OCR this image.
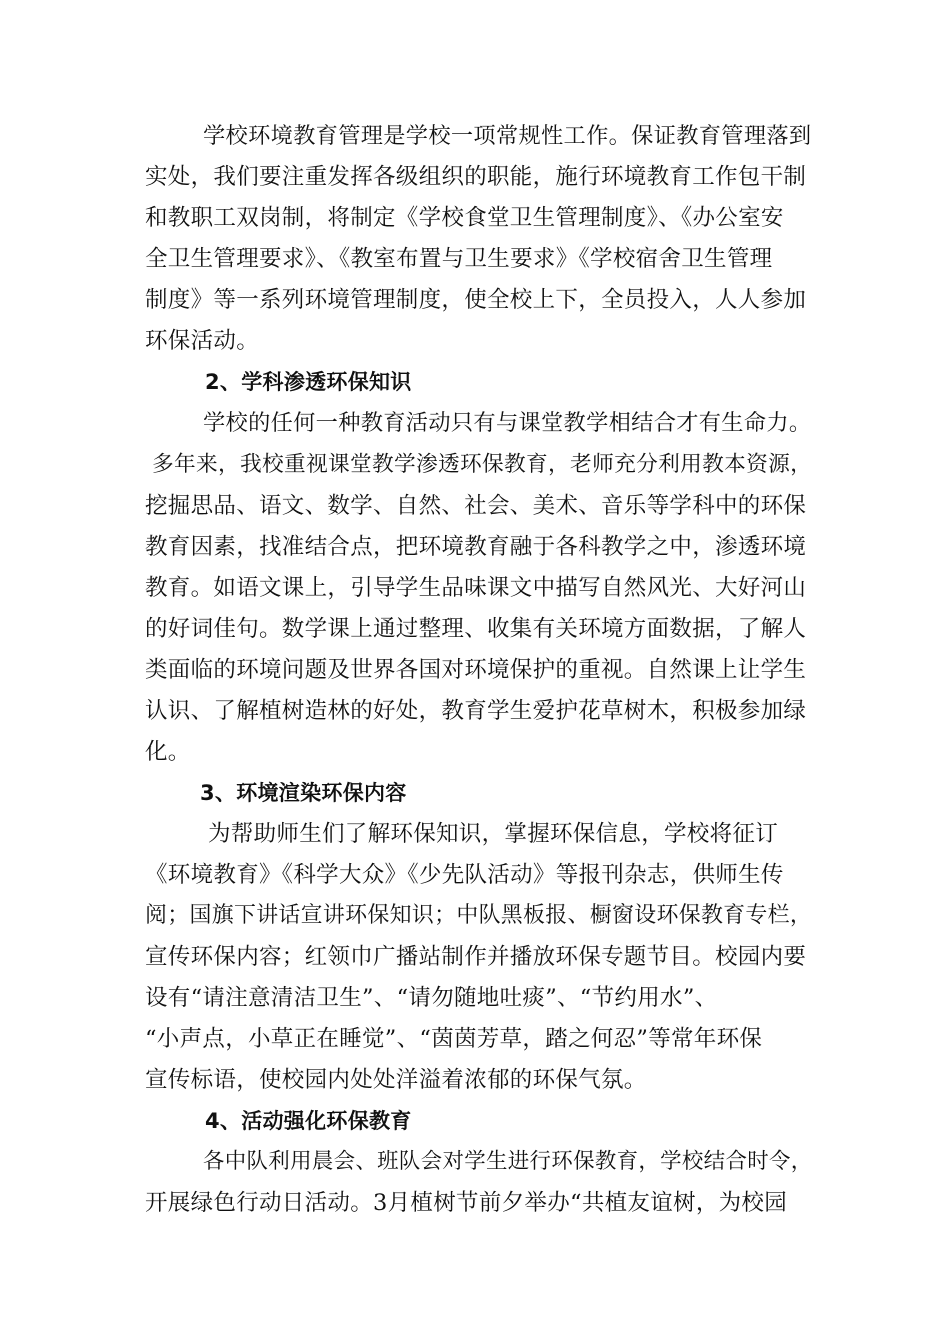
学校环境教育管理是学校一项常规性工作。保证教育管理落到
实处，我们要注重发挥各级组织的职能，施行环境教育工作包干制
和教职工双岗制，将制定《学校食堂卫生管理制度》、《办公室安
全卫生管理要求》、《教室布置与卫生要求》《学校宿舍卫生管理
制度》等一系列环境管理制度，使全校上下，全员投入，人人参加
环保活动。
2、学科渗透环保知识
学校的任何一种教育活动只有与课堂教学相结合才有生命力。
多年来，我校重视课堂教学渗透环保教育，老师充分利用教本资源，
挖掘思品、语文、数学、自然、社会、美术、音乐等学科中的环保
教育因素，找准结合点，把环境教育融于各科教学之中，渗透环境
教育。如语文课上，引导学生品味课文中描写自然风光、大好河山
的好词佳句。数学课上通过整理、收集有关环境方面数据，了解人
类面临的环境问题及世界各国对环境保护的重视。自然课上让学生
认识、了解植树造林的好处，教育学生爱护花草树木，积极参加绿
化。
3、环境渲染环保内容
为帮助师生们了解环保知识，掌握环保信息，学校将征订
《环境教育》《科学大众》《少先队活动》等报刊杂志，供师生传
阅；国旗下讲话宣讲环保知识；中队黑板报、橱窗设环保教育专栏，
宣传环保内容；红领巾广播站制作并播放环保专题节目。校园内要
设有“请注意清洁卫生”、“请勿随地吐痰”、“节约用水”、
“小声点，小草正在睡觉”、“茵茵芳草，踏之何忍”等常年环保
宣传标语，使校园内处处洋溢着浓郁的环保气氛。
4、活动强化环保教育
各中队利用晨会、班队会对学生进行环保教育，学校结合时令，
开展绿色行动日活动。3月植树节前夕举办“共植友谊树，为校园
